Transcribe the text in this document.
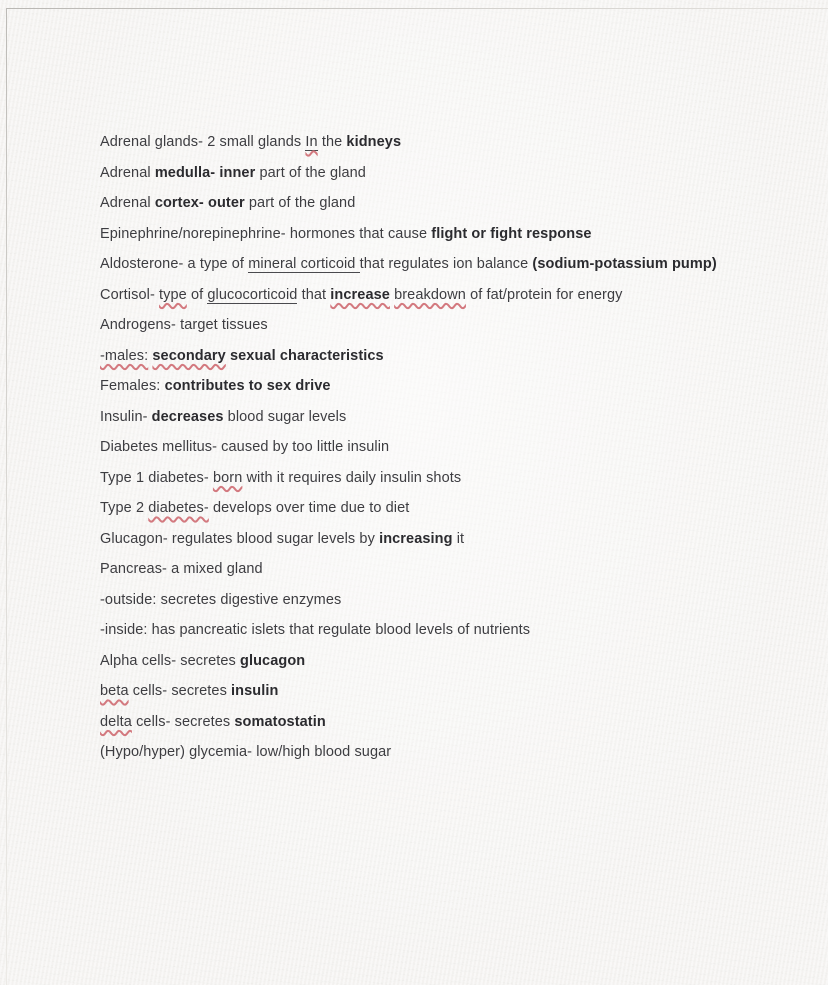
Adrenal glands- 2 small glands In the kidneys

Adrenal medulla- inner part of the gland

Adrenal cortex- outer part of the gland

Epinephrine/norepinephrine- hormones that cause flight or fight response

Aldosterone- a type of mineral corticoid that regulates ion balance (sodium-potassium pump)

Cortisol- type of glucocorticoid that increase breakdown of fat/protein for energy

Androgens- target tissues

-males: secondary sexual characteristics

Females: contributes to sex drive

Insulin- decreases blood sugar levels

Diabetes mellitus- caused by too little insulin

Type 1 diabetes- born with it requires daily insulin shots

Type 2 diabetes- develops over time due to diet

Glucagon- regulates blood sugar levels by increasing it

Pancreas- a mixed gland

-outside: secretes digestive enzymes

-inside: has pancreatic islets that regulate blood levels of nutrients

Alpha cells- secretes glucagon

beta cells- secretes insulin

delta cells- secretes somatostatin

(Hypo/hyper) glycemia- low/high blood sugar
